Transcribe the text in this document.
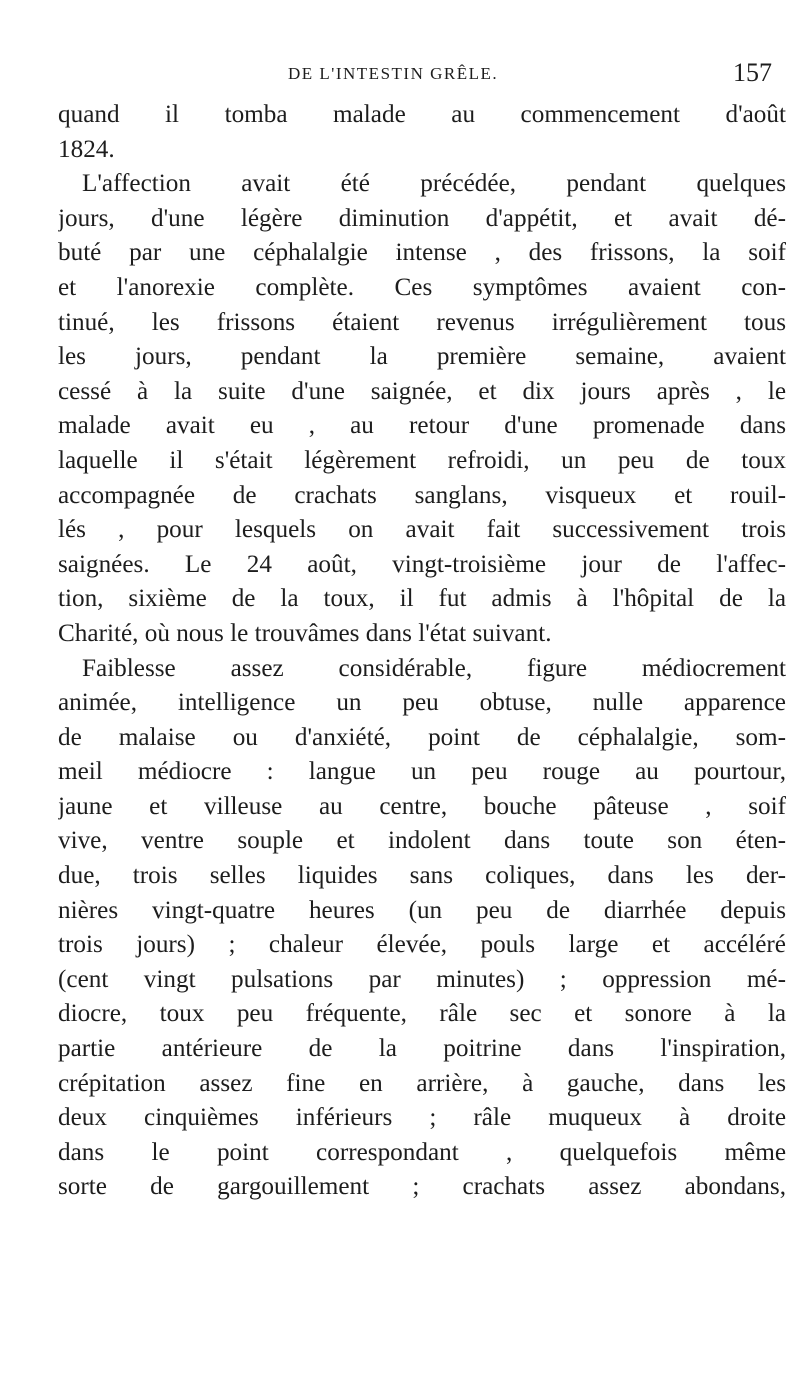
DE L'INTESTIN GRÊLE.	157
quand il tomba malade au commencement d'août
1824.
L'affection avait été précédée, pendant quelques
jours, d'une légère diminution d'appétit, et avait dé-
buté par une céphalalgie intense , des frissons, la soif
et l'anorexie complète. Ces symptômes avaient con-
tinué, les frissons étaient revenus irrégulièrement tous
les jours, pendant la première semaine, avaient
cessé à la suite d'une saignée, et dix jours après , le
malade avait eu , au retour d'une promenade dans
laquelle il s'était légèrement refroidi, un peu de toux
accompagnée de crachats sanglans, visqueux et rouil-
lés , pour lesquels on avait fait successivement trois
saignées. Le 24 août, vingt-troisième jour de l'affec-
tion, sixième de la toux, il fut admis à l'hôpital de la
Charité, où nous le trouvâmes dans l'état suivant.
Faiblesse assez considérable, figure médiocrement
animée, intelligence un peu obtuse, nulle apparence
de malaise ou d'anxiété, point de céphalalgie, som-
meil médiocre : langue un peu rouge au pourtour,
jaune et villeuse au centre, bouche pâteuse , soif
vive, ventre souple et indolent dans toute son éten-
due, trois selles liquides sans coliques, dans les der-
nières vingt-quatre heures (un peu de diarrhée depuis
trois jours) ; chaleur élevée, pouls large et accéléré
(cent vingt pulsations par minutes) ; oppression mé-
diocre, toux peu fréquente, râle sec et sonore à la
partie antérieure de la poitrine dans l'inspiration,
crépitation assez fine en arrière, à gauche, dans les
deux cinquièmes inférieurs ; râle muqueux à droite
dans le point correspondant , quelquefois même
sorte de gargouillement ; crachats assez abondans,
